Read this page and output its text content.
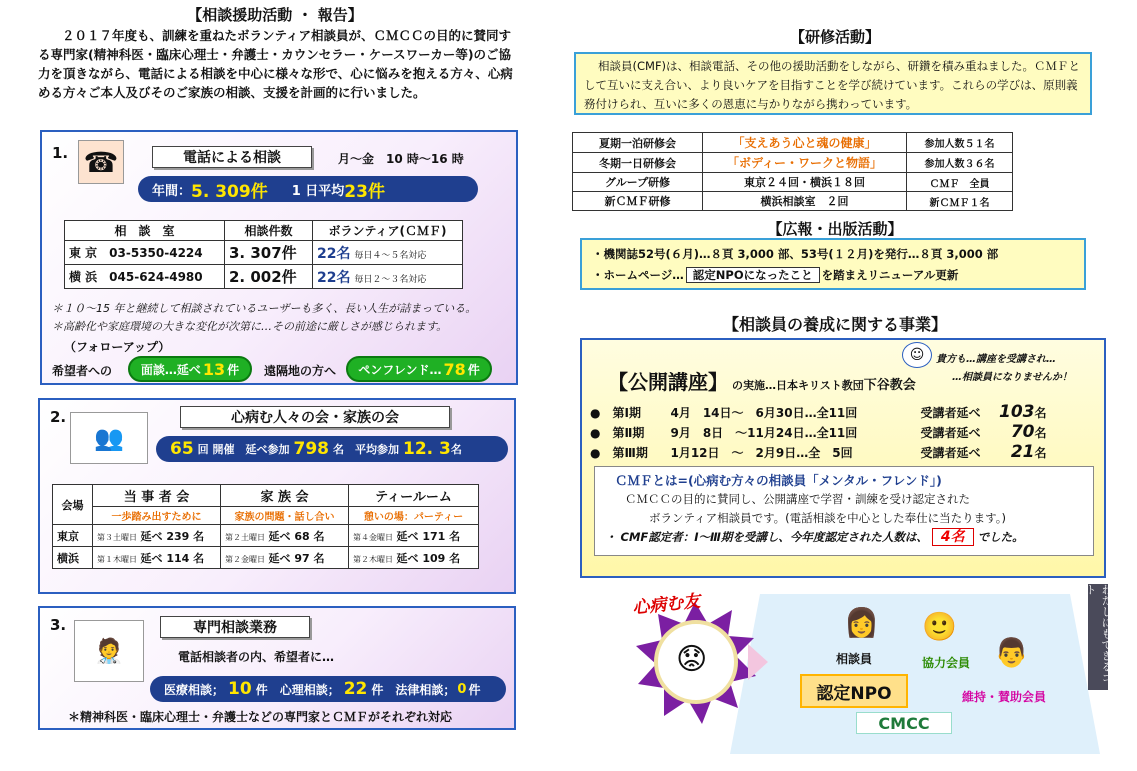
【相談援助活動 ・ 報告】
２０１７年度も、訓練を重ねたボランティア相談員が、ＣＭＣＣの目的に賛同する専門家(精神科医・臨床心理士・弁護士・カウンセラー・ケースワーカー等)のご協力を頂きながら、電話による相談を中心に様々な形で、心に悩みを抱える方々、心病める方々ご本人及びそのご家族の相談、支援を計画的に行いました。
1. ☎	電話による相談	月～金　10 時～16 時
年間： 5. 309件 1 日平均 23件
相　談　室	相談件数	ボランティア(ＣＭＦ)
東 京　03-5350-4224	3. 307件	22名 毎日４～５名対応
横 浜　045-624-4980	2. 002件	22名 毎日２～３名対応
＊１０～15 年と継続して相談されているユーザーも多く、長い人生が詰まっている。
＊高齢化や家庭環境の大きな変化が次第に…その前途に厳しさが感じられます。
（フォローアップ）
希望者への 面談…延べ 13 件 遠隔地の方へ ペンフレンド… 78 件
2.
👥
心病む人々の会・家族の会
65 回 開催　延べ参加 798 名　平均参加 12. 3 名
会場	当 事 者 会	家 族 会	ティールーム
	一歩踏み出すために	家族の問題・話し合い	憩いの場：パーティー
東京	第３土曜日 延べ 239 名	第２土曜日 延べ 68 名	第４金曜日 延べ 171 名
横浜	第１木曜日 延べ 114 名	第２金曜日 延べ 97 名	第２木曜日 延べ 109 名
3.
🧑‍⚕️
専門相談業務
電話相談者の内、希望者に…
医療相談； 10 件　心理相談； 22 件　法律相談； 0 件
＊精神科医・臨床心理士・弁護士などの専門家とＣＭＦがそれぞれ対応
【研修活動】
相談員(CMF)は、相談電話、その他の援助活動をしながら、研鑽を積み重ねました。ＣＭＦとして互いに支え合い、より良いケアを目指すことを学び続けています。これらの学びは、原則義務付けられ、互いに多くの恩恵に与かりながら携わっています。
夏期一泊研修会	「支えあう心と魂の健康」	参加人数５１名
冬期一日研修会	「ボディー・ワークと物語」	参加人数３６名
グループ研修	東京２４回・横浜１８回	ＣＭＦ　全員
新ＣＭＦ研修	横浜相談室　２回	新ＣＭＦ１名
【広報・出版活動】
・機関誌52号(６月)…８頁 3,000 部、53号(１２月)を発行…８頁 3,000 部
・ホームページ… 認定NPOになったこと を踏まえリニューアル更新
【相談員の養成に関する事業】
☺	貴方も…講座を受講され…
…相談員になりませんか！
【公開講座】 の実施…日本キリスト教団下谷教会
●　第Ⅰ期 4月　14日～　6月30日…全11回	受講者延べ 103名
●　第Ⅱ期 9月　8日　～11月24日…全11回	受講者延べ 70名
●　第Ⅲ期 1月12日　～　2月9日…全　5回	受講者延べ 21名
ＣＭＦとは=(心病む方々の相談員「メンタル・フレンド」)
ＣＭＣＣの目的に賛同し、公開講座で学習・訓練を受け認定された
ボランティア相談員です。(電話相談を中心とした奉仕に当たります。)
・ CMF認定者：Ⅰ～Ⅲ期を受講し、今年度認定された人数は、 4名 でした。
心病む友
😟
👩
相談員
🙂
協力会員 👨
維持・賛助会員
認定NPO
CMCC
わたしにもできるコト
